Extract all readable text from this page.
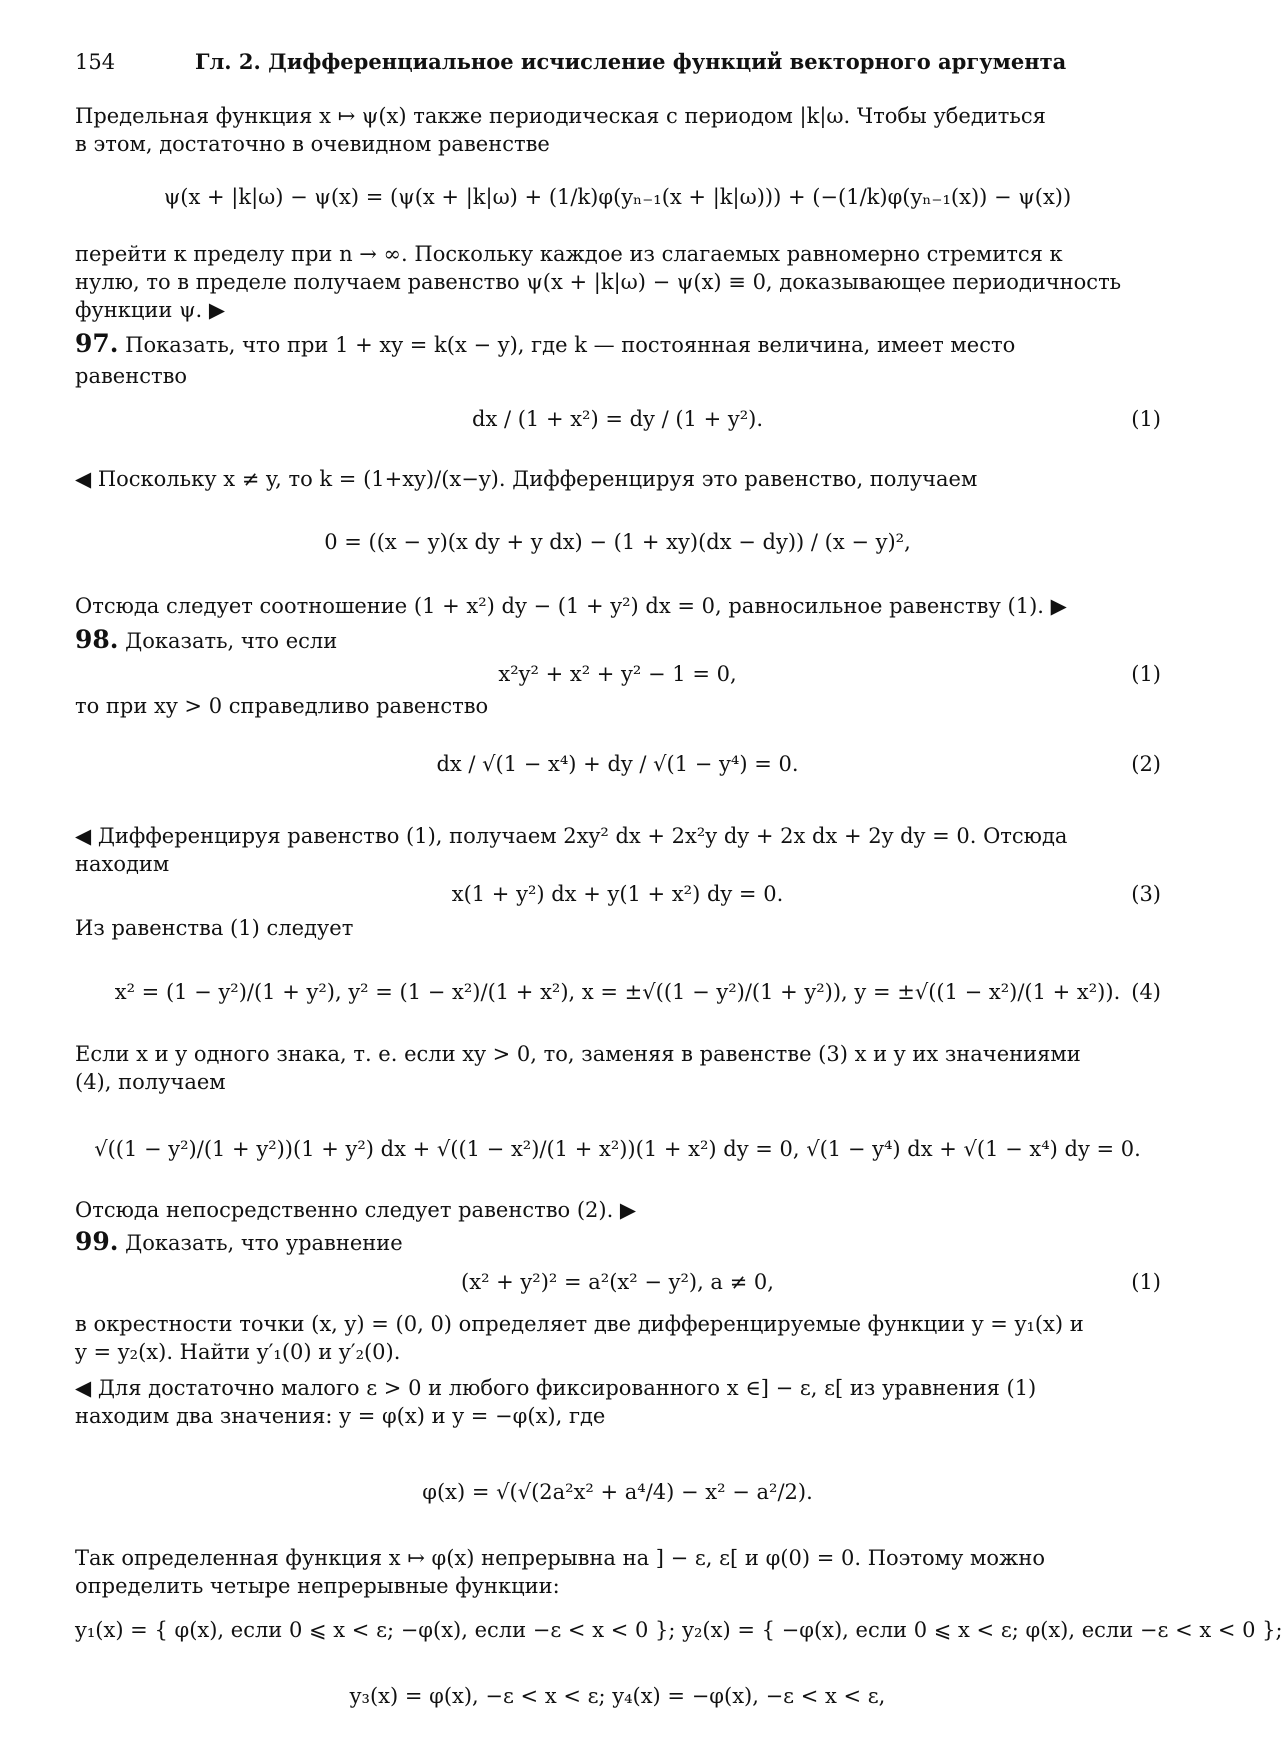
154	Гл. 2. Дифференциальное исчисление функций векторного аргумента
Предельная функция x ↦ ψ(x) также периодическая с периодом |k|ω. Чтобы убедиться
в этом, достаточно в очевидном равенстве
ψ(x + |k|ω) − ψ(x) = (ψ(x + |k|ω) + (1/k)φ(yₙ₋₁(x + |k|ω))) + (−(1/k)φ(yₙ₋₁(x)) − ψ(x))
перейти к пределу при n → ∞. Поскольку каждое из слагаемых равномерно стремится к
нулю, то в пределе получаем равенство ψ(x + |k|ω) − ψ(x) ≡ 0, доказывающее периодичность
функции ψ. ▶
97. Показать, что при 1 + xy = k(x − y), где k — постоянная величина, имеет место
равенство
dx / (1 + x²) = dy / (1 + y²).	(1)
◀ Поскольку x ≠ y, то k = (1+xy)/(x−y). Дифференцируя это равенство, получаем
0 = ((x − y)(x dy + y dx) − (1 + xy)(dx − dy)) / (x − y)²,
Отсюда следует соотношение (1 + x²) dy − (1 + y²) dx = 0, равносильное равенству (1). ▶
98. Доказать, что если
x²y² + x² + y² − 1 = 0,	(1)
то при xy > 0 справедливо равенство
dx / √(1 − x⁴) + dy / √(1 − y⁴) = 0.	(2)
◀ Дифференцируя равенство (1), получаем 2xy² dx + 2x²y dy + 2x dx + 2y dy = 0. Отсюда
находим
x(1 + y²) dx + y(1 + x²) dy = 0.	(3)
Из равенства (1) следует
x² = (1 − y²)/(1 + y²), y² = (1 − x²)/(1 + x²), x = ±√((1 − y²)/(1 + y²)), y = ±√((1 − x²)/(1 + x²)). (4)
Если x и y одного знака, т. е. если xy > 0, то, заменяя в равенстве (3) x и y их значениями
(4), получаем
√((1 − y²)/(1 + y²))(1 + y²) dx + √((1 − x²)/(1 + x²))(1 + x²) dy = 0, √(1 − y⁴) dx + √(1 − x⁴) dy = 0.
Отсюда непосредственно следует равенство (2). ▶
99. Доказать, что уравнение
(x² + y²)² = a²(x² − y²), a ≠ 0,	(1)
в окрестности точки (x, y) = (0, 0) определяет две дифференцируемые функции y = y₁(x) и
y = y₂(x). Найти y′₁(0) и y′₂(0).
◀ Для достаточно малого ε > 0 и любого фиксированного x ∈] − ε, ε[ из уравнения (1)
находим два значения: y = φ(x) и y = −φ(x), где
φ(x) = √(√(2a²x² + a⁴/4) − x² − a²/2).
Так определенная функция x ↦ φ(x) непрерывна на ] − ε, ε[ и φ(0) = 0. Поэтому можно
определить четыре непрерывные функции:
y₁(x) = { φ(x), если 0 ⩽ x < ε; −φ(x), если −ε < x < 0 }; y₂(x) = { −φ(x), если 0 ⩽ x < ε; φ(x), если −ε < x < 0 };
y₃(x) = φ(x), −ε < x < ε; y₄(x) = −φ(x), −ε < x < ε,
